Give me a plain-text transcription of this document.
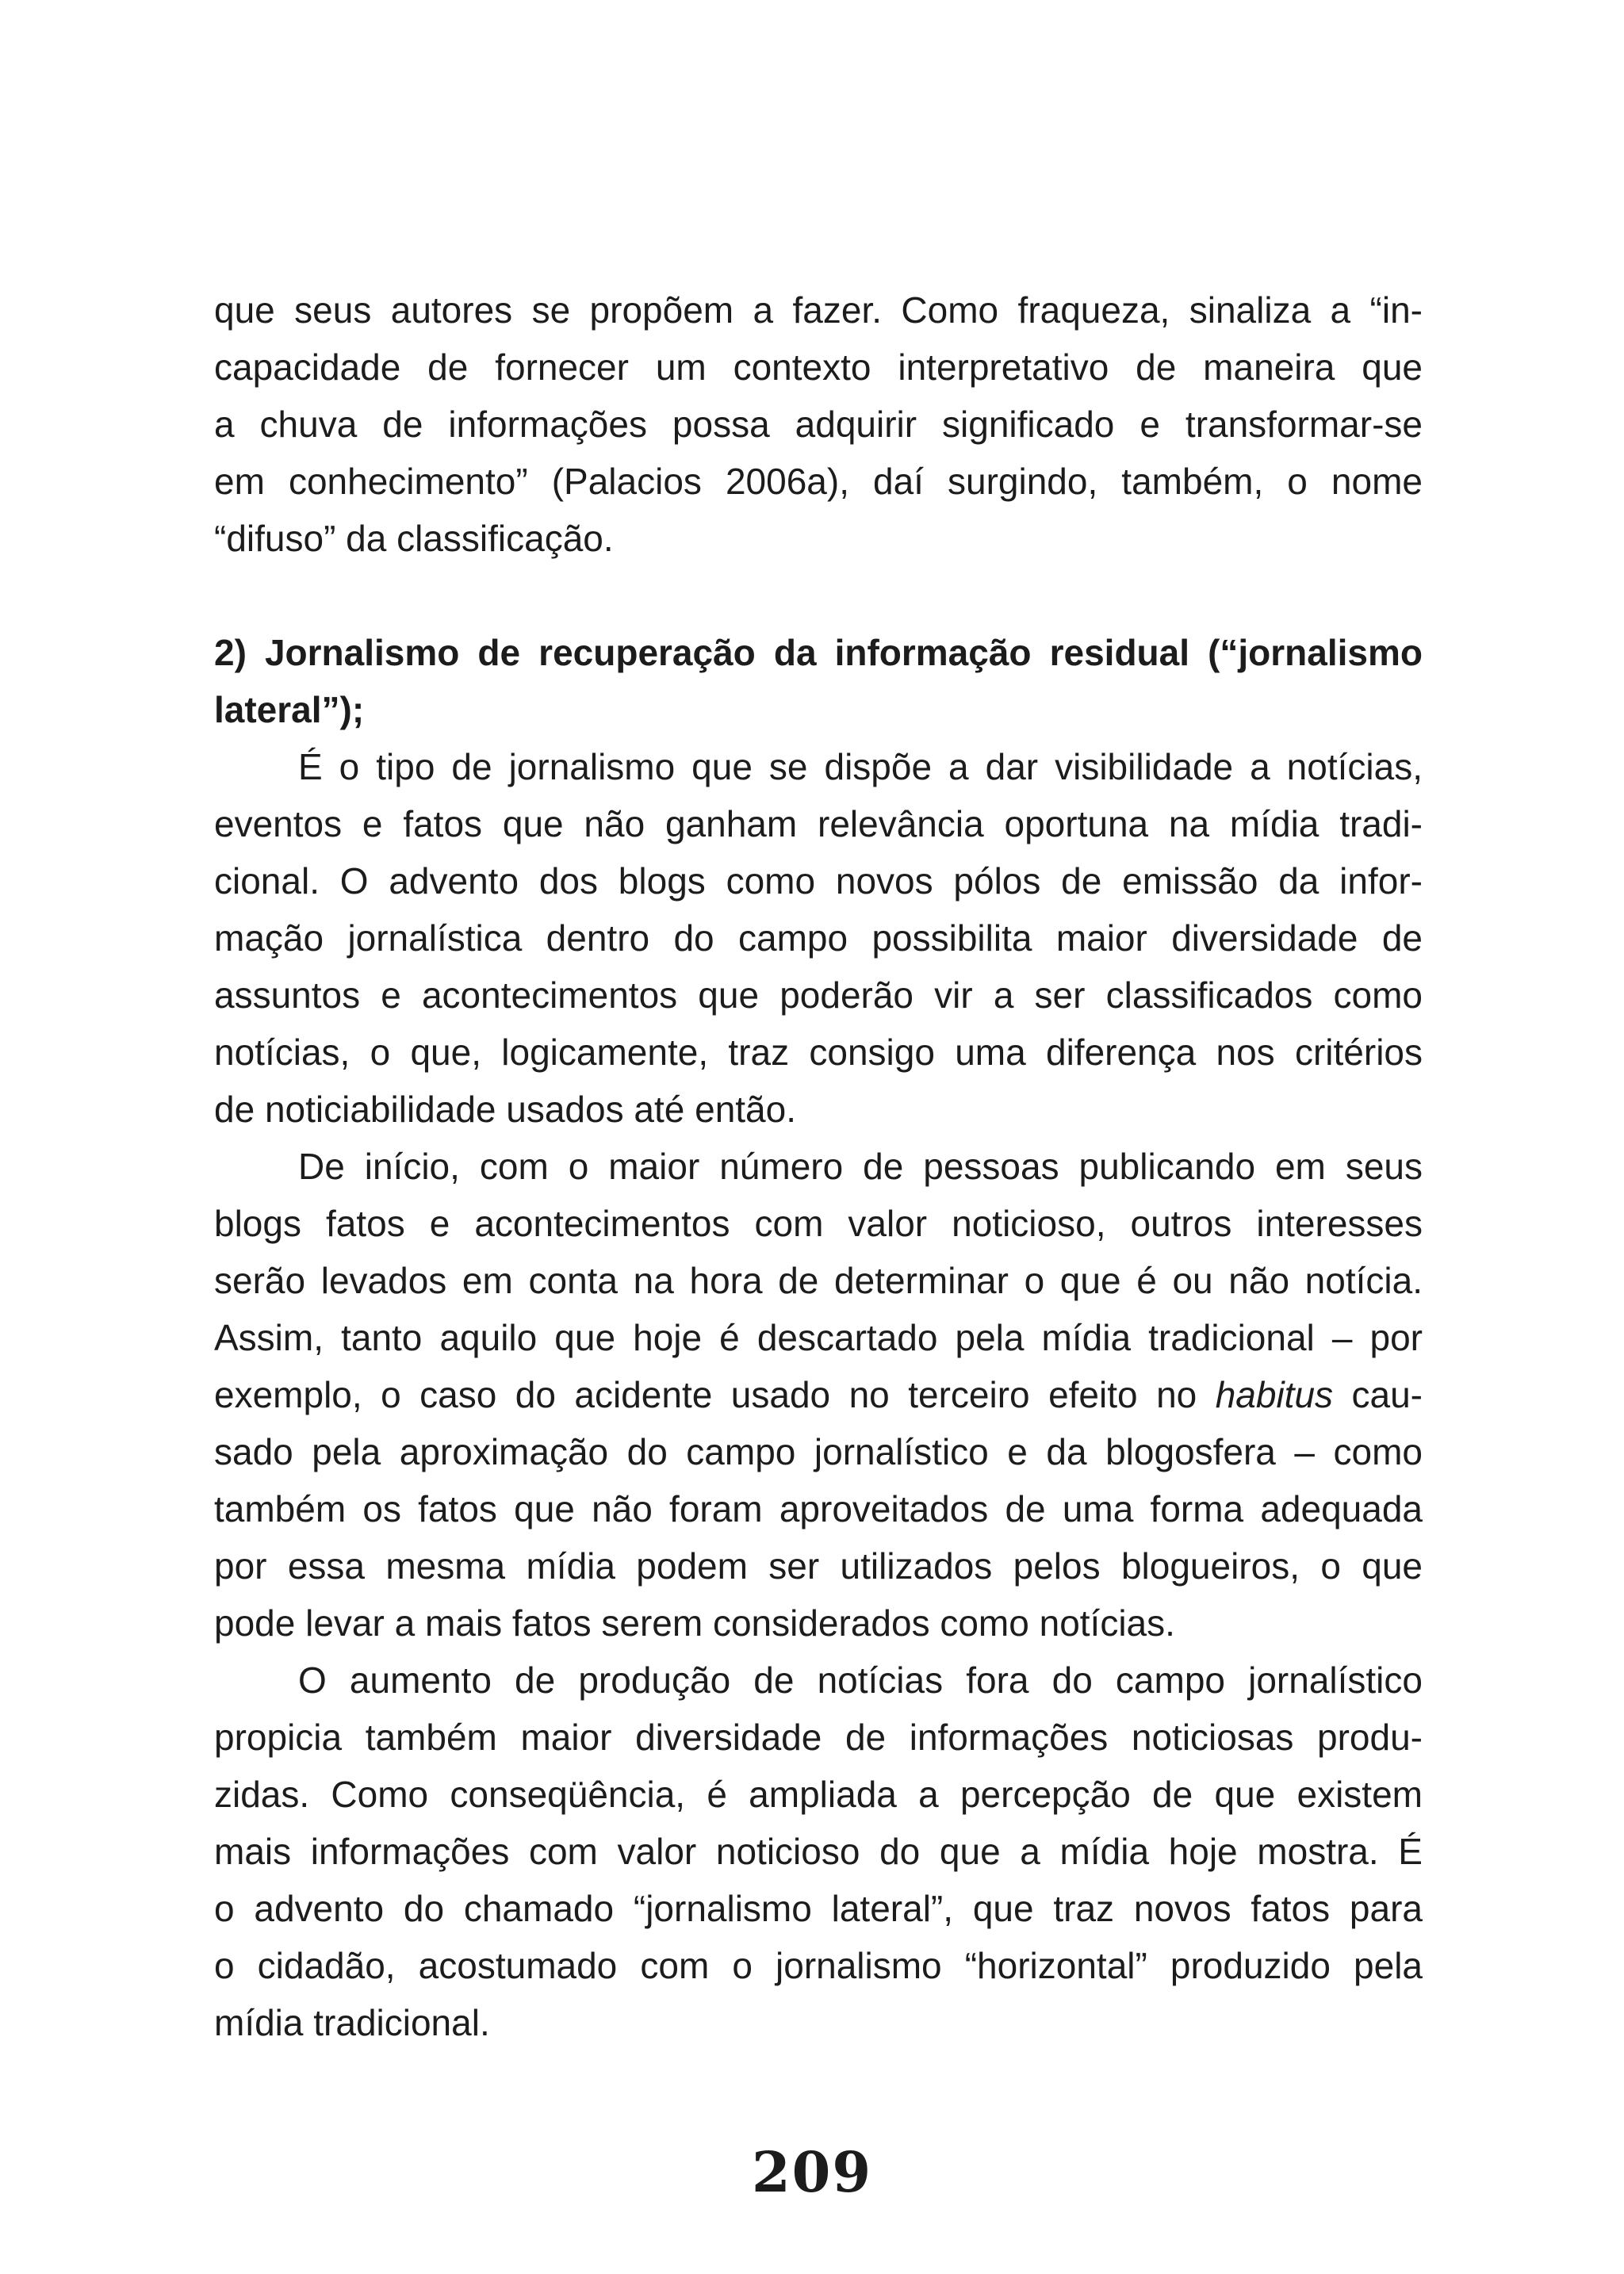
que seus autores se propõem a fazer. Como fraqueza, sinaliza a “in-

capacidade de fornecer um contexto interpretativo de maneira que

a chuva de informações possa adquirir significado e transformar-se

em conhecimento” (Palacios 2006a), daí surgindo, também, o nome

“difuso” da classificação.

2) Jornalismo de recuperação da informação residual (“jornalismo

lateral”);

É o tipo de jornalismo que se dispõe a dar visibilidade a notícias,

eventos e fatos que não ganham relevância oportuna na mídia tradi-

cional. O advento dos blogs como novos pólos de emissão da infor-

mação jornalística dentro do campo possibilita maior diversidade de

assuntos e acontecimentos que poderão vir a ser classificados como

notícias, o que, logicamente, traz consigo uma diferença nos critérios

de noticiabilidade usados até então.

De início, com o maior número de pessoas publicando em seus

blogs fatos e acontecimentos com valor noticioso, outros interesses

serão levados em conta na hora de determinar o que é ou não notícia.

Assim, tanto aquilo que hoje é descartado pela mídia tradicional – por

exemplo, o caso do acidente usado no terceiro efeito no habitus cau-

sado pela aproximação do campo jornalístico e da blogosfera – como

também os fatos que não foram aproveitados de uma forma adequada

por essa mesma mídia podem ser utilizados pelos blogueiros, o que

pode levar a mais fatos serem considerados como notícias.

O aumento de produção de notícias fora do campo jornalístico

propicia também maior diversidade de informações noticiosas produ-

zidas. Como conseqüência, é ampliada a percepção de que existem

mais informações com valor noticioso do que a mídia hoje mostra. É

o advento do chamado “jornalismo lateral”, que traz novos fatos para

o cidadão, acostumado com o jornalismo “horizontal” produzido pela

mídia tradicional.

209
